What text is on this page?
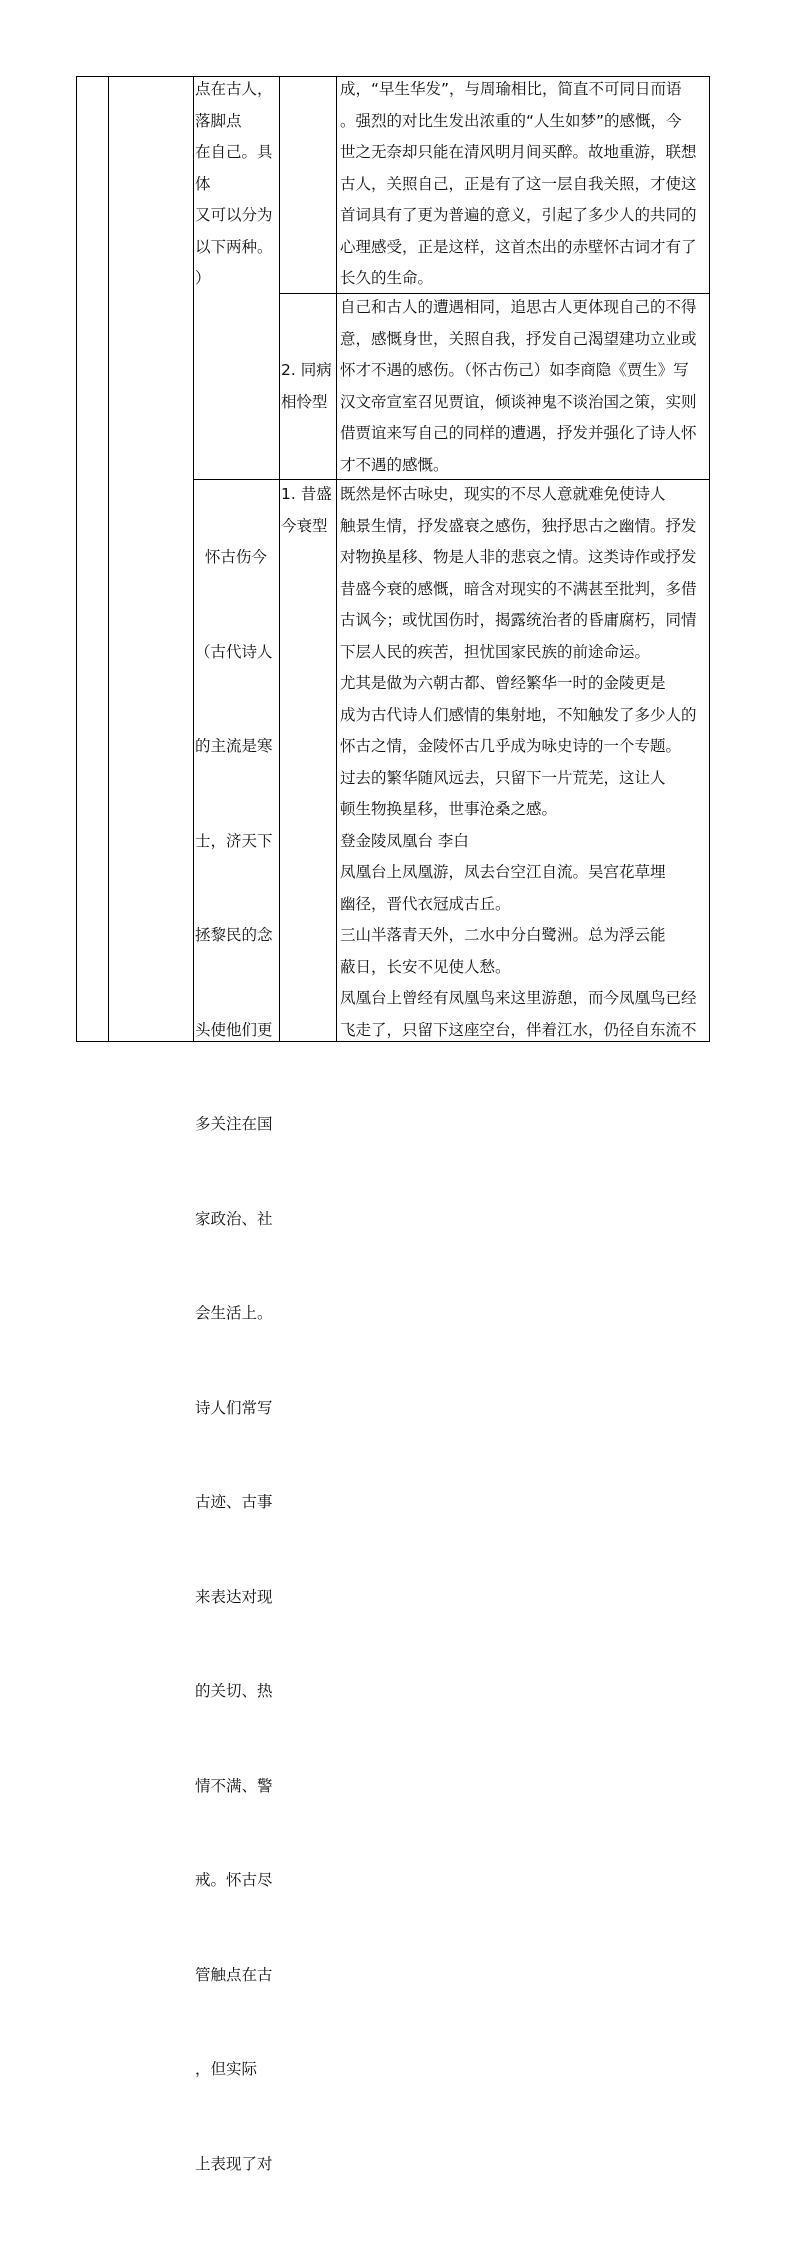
点在古人，

落脚点

在自己。具

体

又可以分为

以下两种。

）

成，“早生华发”，与周瑜相比，简直不可同日而语

。强烈的对比生发出浓重的“人生如梦”的感慨，今

世之无奈却只能在清风明月间买醉。故地重游，联想

古人，关照自己，正是有了这一层自我关照，才使这

首词具有了更为普遍的意义，引起了多少人的共同的

心理感受，正是这样，这首杰出的赤壁怀古词才有了

长久的生命。

2. 同病

相怜型

自己和古人的遭遇相同，追思古人更体现自己的不得

意，感慨身世，关照自我，抒发自己渴望建功立业或

怀才不遇的感伤。（怀古伤己）如李商隐《贾生》写

汉文帝宣室召见贾谊，倾谈神鬼不谈治国之策，实则

借贾谊来写自己的同样的遭遇，抒发并强化了诗人怀

才不遇的感慨。

怀古伤今

（古代诗人

的主流是寒

士，济天下

拯黎民的念

头使他们更

多关注在国

家政治、社

会生活上。

诗人们常写

古迹、古事

来表达对现

的关切、热

情不满、警

戒。怀古尽

管触点在古

，但实际

上表现了对

1. 昔盛

今衰型

既然是怀古咏史，现实的不尽人意就难免使诗人

触景生情，抒发盛衰之感伤，独抒思古之幽情。抒发

对物换星移、物是人非的悲哀之情。这类诗作或抒发

昔盛今衰的感慨，暗含对现实的不满甚至批判，多借

古讽今；或忧国伤时，揭露统治者的昏庸腐朽，同情

下层人民的疾苦，担忧国家民族的前途命运。

尤其是做为六朝古都、曾经繁华一时的金陵更是

成为古代诗人们感情的集射地，不知触发了多少人的

怀古之情，金陵怀古几乎成为咏史诗的一个专题。

过去的繁华随风远去，只留下一片荒芜，这让人

顿生物换星移，世事沧桑之感。

登金陵凤凰台 李白

凤凰台上凤凰游，凤去台空江自流。吴宫花草埋

幽径，晋代衣冠成古丘。

三山半落青天外，二水中分白鹭洲。总为浮云能

蔽日，长安不见使人愁。

凤凰台上曾经有凤凰鸟来这里游憩，而今凤凰鸟已经

飞走了，只留下这座空台，伴着江水，仍径自东流不
